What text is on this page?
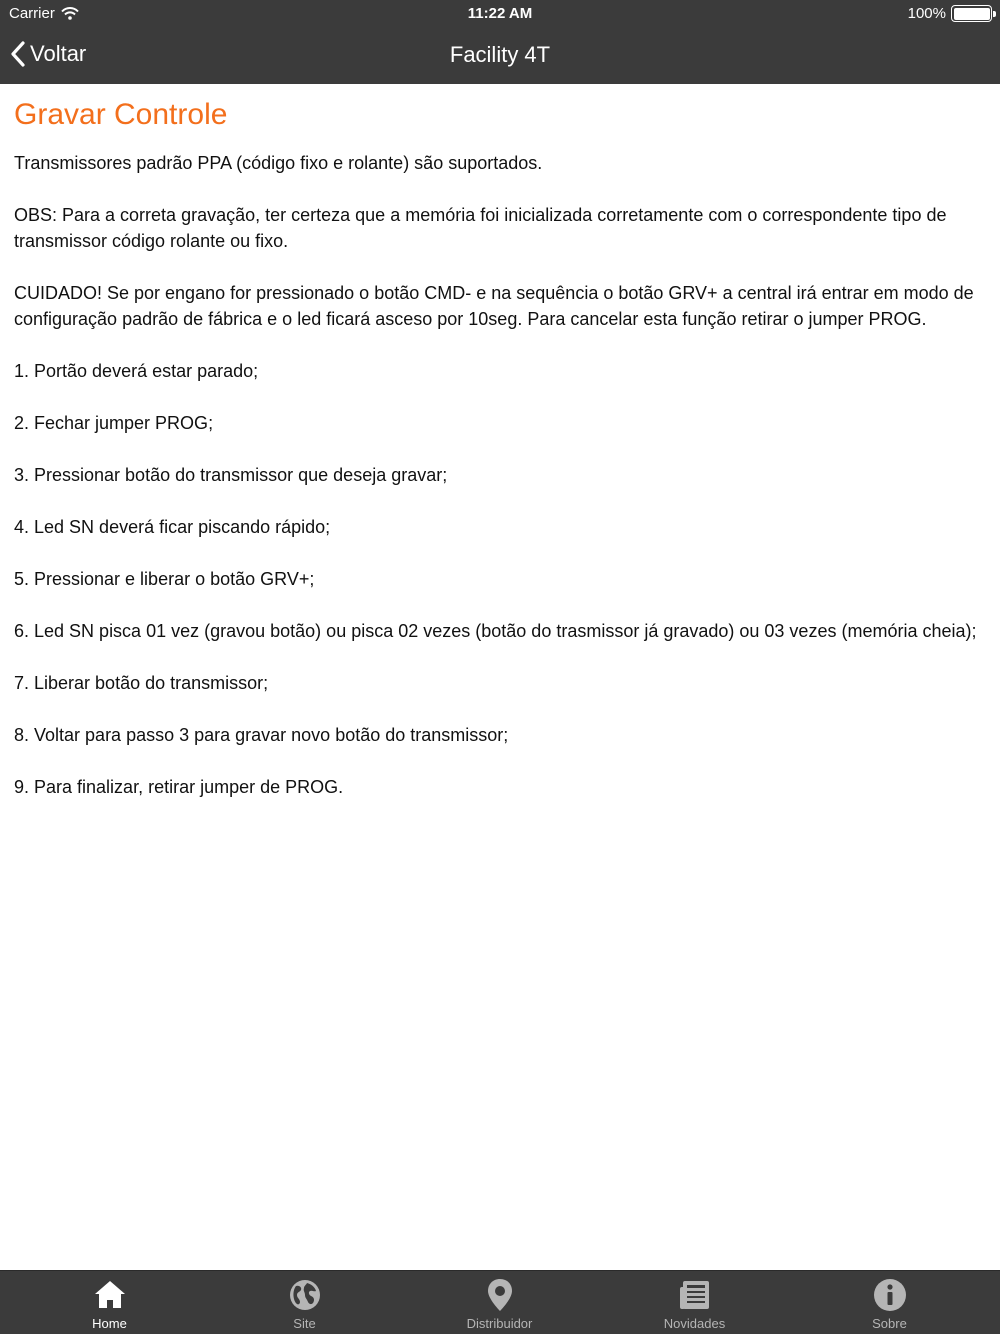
Carrier	11:22 AM	100%
Voltar	Facility 4T
Gravar Controle

Transmissores padrão PPA (código fixo e rolante) são suportados.

OBS: Para a correta gravação, ter certeza que a memória foi inicializada corretamente com o correspondente tipo de transmissor código rolante ou fixo.

CUIDADO! Se por engano for pressionado o botão CMD- e na sequência o botão GRV+ a central irá entrar em modo de configuração padrão de fábrica e o led ficará asceso por 10seg. Para cancelar esta função retirar o jumper PROG.

1. Portão deverá estar parado;

2. Fechar jumper PROG;

3. Pressionar botão do transmissor que deseja gravar;

4. Led SN deverá ficar piscando rápido;

5. Pressionar e liberar o botão GRV+;

6. Led SN pisca 01 vez (gravou botão) ou pisca 02 vezes (botão do trasmissor já gravado) ou 03 vezes (memória cheia);

7. Liberar botão do transmissor;

8. Voltar para passo 3 para gravar novo botão do transmissor;

9. Para finalizar, retirar jumper de PROG.

Home	Site	Distribuidor	Novidades	Sobre
